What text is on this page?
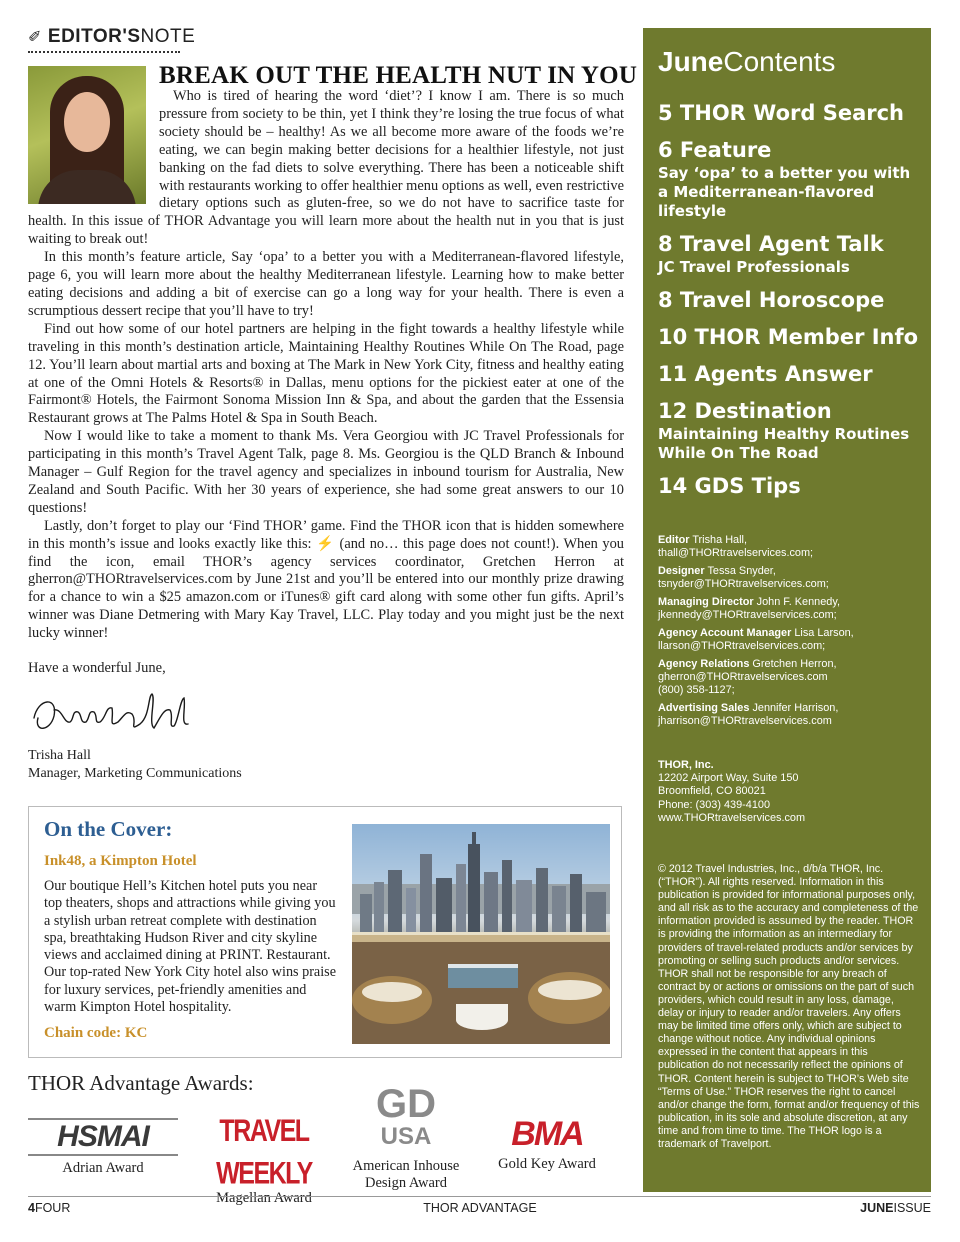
✐ EDITOR'SNOTE
BREAK OUT THE HEALTH NUT IN YOU

Who is tired of hearing the word ‘diet’? I know I am. There is so much pressure from society to be thin, yet I think they’re losing the true focus of what society should be – healthy! As we all become more aware of the foods we’re eating, we can begin making better decisions for a healthier lifestyle, not just banking on the fad diets to solve everything. There has been a noticeable shift with restaurants working to offer healthier menu options as well, even restrictive dietary options such as gluten-free, so we do not have to sacrifice taste for health. In this issue of THOR Advantage you will learn more about the health nut in you that is just waiting to break out!

In this month’s feature article, Say ‘opa’ to a better you with a Mediterranean-flavored lifestyle, page 6, you will learn more about the healthy Mediterranean lifestyle. Learning how to make better eating decisions and adding a bit of exercise can go a long way for your health. There is even a scrumptious dessert recipe that you’ll have to try!

Find out how some of our hotel partners are helping in the fight towards a healthy lifestyle while traveling in this month’s destination article, Maintaining Healthy Routines While On The Road, page 12. You’ll learn about martial arts and boxing at The Mark in New York City, fitness and healthy eating at one of the Omni Hotels & Resorts® in Dallas, menu options for the pickiest eater at one of the Fairmont® Hotels, the Fairmont Sonoma Mission Inn & Spa, and about the garden that the Essensia Restaurant grows at The Palms Hotel & Spa in South Beach.

Now I would like to take a moment to thank Ms. Vera Georgiou with JC Travel Professionals for participating in this month’s Travel Agent Talk, page 8. Ms. Georgiou is the QLD Branch & Inbound Manager – Gulf Region for the travel agency and specializes in inbound tourism for Australia, New Zealand and South Pacific. With her 30 years of experience, she had some great answers to our 10 questions!

Lastly, don’t forget to play our ‘Find THOR’ game. Find the THOR icon that is hidden somewhere in this month’s issue and looks exactly like this: ⚡ (and no… this page does not count!). When you find the icon, email THOR’s agency services coordinator, Gretchen Herron at gherron@THORtravelservices.com by June 21st and you’ll be entered into our monthly prize drawing for a chance to win a $25 amazon.com or iTunes® gift card along with some other fun gifts. April’s winner was Diane Detmering with Mary Kay Travel, LLC. Play today and you might just be the next lucky winner!

Have a wonderful June,
Trisha Hall
Manager, Marketing Communications
On the Cover:
Ink48, a Kimpton Hotel
Our boutique Hell’s Kitchen hotel puts you near top theaters, shops and attractions while giving you a stylish urban retreat complete with destination spa, breathtaking Hudson River and city skyline views and acclaimed dining at PRINT. Restaurant. Our top-rated New York City hotel also wins praise for luxury services, pet-friendly amenities and warm Kimpton Hotel hospitality.
Chain code: KC
THOR Advantage Awards:
HSMAI
Adrian Award
TRAVEL WEEKLY
Magellan Award
GD
USA
American Inhouse
Design Award
BMA
Gold Key Award
JuneContents
5 THOR Word Search
6 Feature
Say ‘opa’ to a better you with a Mediterranean-flavored lifestyle
8 Travel Agent Talk
JC Travel Professionals
8 Travel Horoscope
10 THOR Member Info
11 Agents Answer
12 Destination
Maintaining Healthy Routines While On The Road
14 GDS Tips
Editor Trisha Hall,
thall@THORtravelservices.com;
Designer Tessa Snyder,
tsnyder@THORtravelservices.com;
Managing Director John F. Kennedy,
jkennedy@THORtravelservices.com;
Agency Account Manager Lisa Larson,
llarson@THORtravelservices.com;
Agency Relations Gretchen Herron,
gherron@THORtravelservices.com
(800) 358-1127;
Advertising Sales Jennifer Harrison,
jharrison@THORtravelservices.com
THOR, Inc.
12202 Airport Way, Suite 150
Broomfield, CO 80021
Phone: (303) 439-4100
www.THORtravelservices.com
© 2012 Travel Industries, Inc., d/b/a THOR, Inc. (“THOR”). All rights reserved. Information in this publication is provided for informational purposes only, and all risk as to the accuracy and completeness of the information provided is assumed by the reader. THOR is providing the information as an intermediary for providers of travel-related products and/or services by promoting or selling such products and/or services. THOR shall not be responsible for any breach of contract by or actions or omissions on the part of such providers, which could result in any loss, damage, delay or injury to reader and/or travelers. Any offers may be limited time offers only, which are subject to change without notice. Any individual opinions expressed in the content that appears in this publication do not necessarily reflect the opinions of THOR. Content herein is subject to THOR’s Web site “Terms of Use.” THOR reserves the right to cancel and/or change the form, format and/or frequency of this publication, in its sole and absolute discretion, at any time and from time to time. The THOR logo is a trademark of Travelport.
4FOUR	THOR ADVANTAGE	JUNEISSUE
